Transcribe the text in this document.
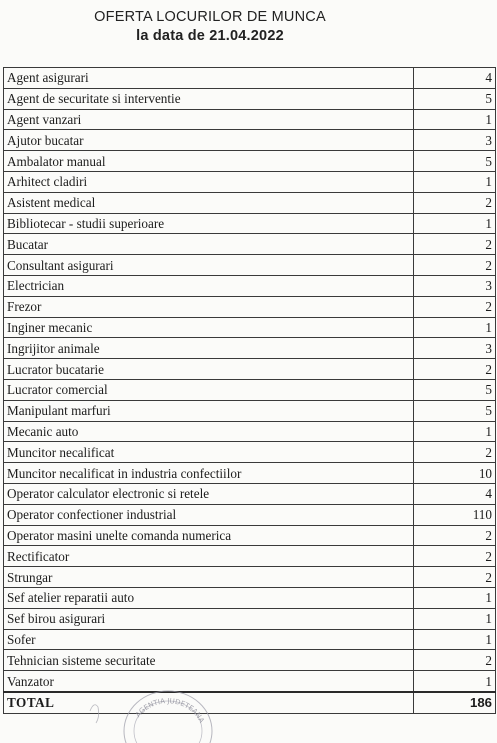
OFERTA LOCURILOR DE MUNCA
la data de 21.04.2022
Agent asigurari	4
Agent de securitate si interventie	5
Agent vanzari	1
Ajutor bucatar	3
Ambalator manual	5
Arhitect cladiri	1
Asistent medical	2
Bibliotecar - studii superioare	1
Bucatar	2
Consultant asigurari	2
Electrician	3
Frezor	2
Inginer mecanic	1
Ingrijitor animale	3
Lucrator bucatarie	2
Lucrator comercial	5
Manipulant marfuri	5
Mecanic auto	1
Muncitor necalificat	2
Muncitor necalificat in industria confectiilor	10
Operator calculator electronic si retele	4
Operator confectioner industrial	110
Operator masini unelte comanda numerica	2
Rectificator	2
Strungar	2
Sef atelier reparatii auto	1
Sef birou asigurari	1
Sofer	1
Tehnician sisteme securitate	2
Vanzator	1
TOTAL	186
AGENTIA JUDETEANA
